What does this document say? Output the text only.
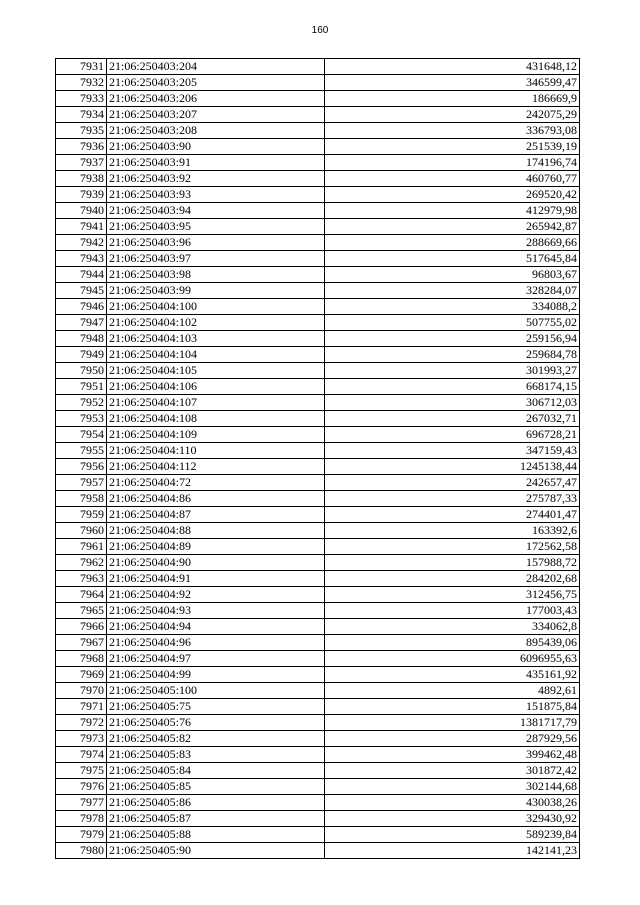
160
7931	21:06:250403:204	431648,12
7932	21:06:250403:205	346599,47
7933	21:06:250403:206	186669,9
7934	21:06:250403:207	242075,29
7935	21:06:250403:208	336793,08
7936	21:06:250403:90	251539,19
7937	21:06:250403:91	174196,74
7938	21:06:250403:92	460760,77
7939	21:06:250403:93	269520,42
7940	21:06:250403:94	412979,98
7941	21:06:250403:95	265942,87
7942	21:06:250403:96	288669,66
7943	21:06:250403:97	517645,84
7944	21:06:250403:98	96803,67
7945	21:06:250403:99	328284,07
7946	21:06:250404:100	334088,2
7947	21:06:250404:102	507755,02
7948	21:06:250404:103	259156,94
7949	21:06:250404:104	259684,78
7950	21:06:250404:105	301993,27
7951	21:06:250404:106	668174,15
7952	21:06:250404:107	306712,03
7953	21:06:250404:108	267032,71
7954	21:06:250404:109	696728,21
7955	21:06:250404:110	347159,43
7956	21:06:250404:112	1245138,44
7957	21:06:250404:72	242657,47
7958	21:06:250404:86	275787,33
7959	21:06:250404:87	274401,47
7960	21:06:250404:88	163392,6
7961	21:06:250404:89	172562,58
7962	21:06:250404:90	157988,72
7963	21:06:250404:91	284202,68
7964	21:06:250404:92	312456,75
7965	21:06:250404:93	177003,43
7966	21:06:250404:94	334062,8
7967	21:06:250404:96	895439,06
7968	21:06:250404:97	6096955,63
7969	21:06:250404:99	435161,92
7970	21:06:250405:100	4892,61
7971	21:06:250405:75	151875,84
7972	21:06:250405:76	1381717,79
7973	21:06:250405:82	287929,56
7974	21:06:250405:83	399462,48
7975	21:06:250405:84	301872,42
7976	21:06:250405:85	302144,68
7977	21:06:250405:86	430038,26
7978	21:06:250405:87	329430,92
7979	21:06:250405:88	589239,84
7980	21:06:250405:90	142141,23
